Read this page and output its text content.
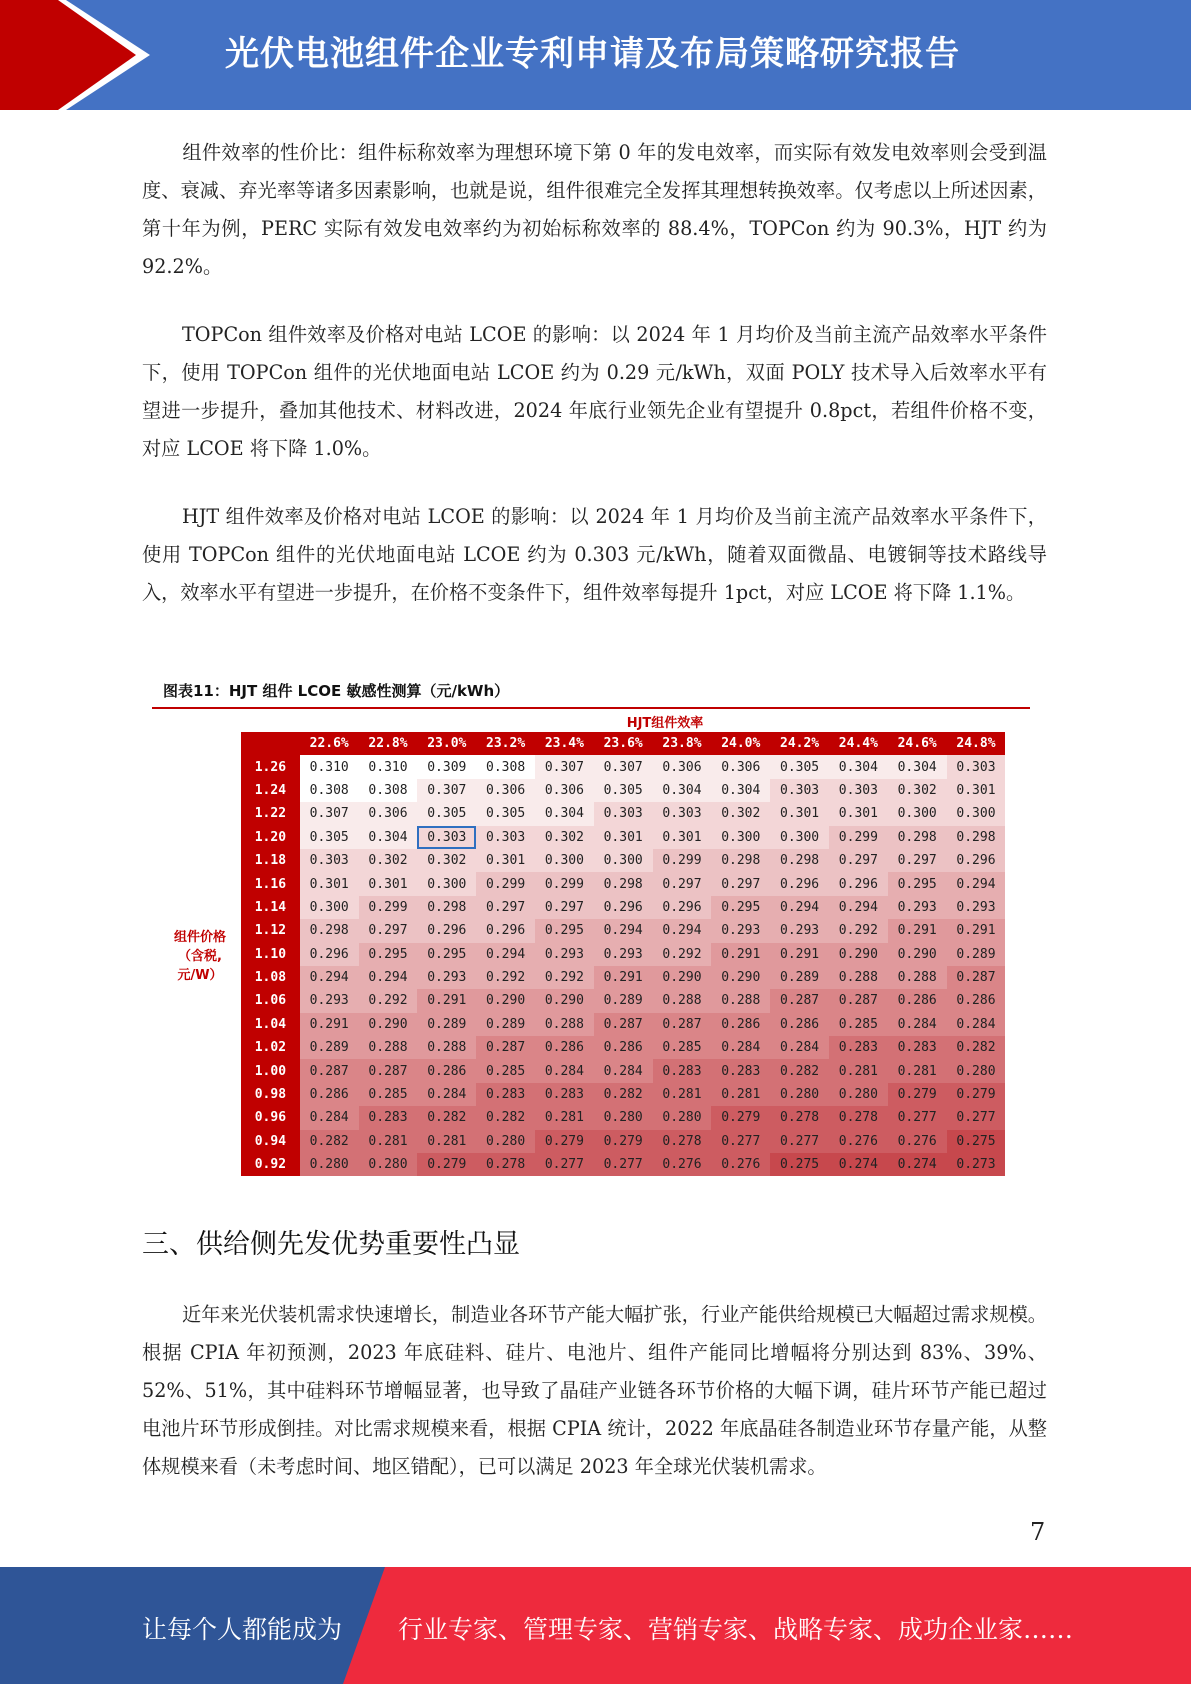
光伏电池组件企业专利申请及布局策略研究报告

组件效率的性价比：组件标称效率为理想环境下第 0 年的发电效率，而实际有效发电效率则会受到温度、衰减、弃光率等诸多因素影响，也就是说，组件很难完全发挥其理想转换效率。仅考虑以上所述因素，第十年为例，PERC 实际有效发电效率约为初始标称效率的 88.4%，TOPCon 约为 90.3%，HJT 约为 92.2%。

TOPCon 组件效率及价格对电站 LCOE 的影响：以 2024 年 1 月均价及当前主流产品效率水平条件下，使用 TOPCon 组件的光伏地面电站 LCOE 约为 0.29 元/kWh，双面 POLY 技术导入后效率水平有望进一步提升，叠加其他技术、材料改进，2024 年底行业领先企业有望提升 0.8pct，若组件价格不变，对应 LCOE 将下降 1.0%。

HJT 组件效率及价格对电站 LCOE 的影响：以 2024 年 1 月均价及当前主流产品效率水平条件下，使用 TOPCon 组件的光伏地面电站 LCOE 约为 0.303 元/kWh，随着双面微晶、电镀铜等技术路线导入，效率水平有望进一步提升，在价格不变条件下，组件效率每提升 1pct，对应 LCOE 将下降 1.1%。

图表11：HJT 组件 LCOE 敏感性测算（元/kWh）
HJT组件效率
组件价格
（含税,
元/W）
	22.6%	22.8%	23.0%	23.2%	23.4%	23.6%	23.8%	24.0%	24.2%	24.4%	24.6%	24.8%
1.26	0.310	0.310	0.309	0.308	0.307	0.307	0.306	0.306	0.305	0.304	0.304	0.303
1.24	0.308	0.308	0.307	0.306	0.306	0.305	0.304	0.304	0.303	0.303	0.302	0.301
1.22	0.307	0.306	0.305	0.305	0.304	0.303	0.303	0.302	0.301	0.301	0.300	0.300
1.20	0.305	0.304	0.303	0.303	0.302	0.301	0.301	0.300	0.300	0.299	0.298	0.298
1.18	0.303	0.302	0.302	0.301	0.300	0.300	0.299	0.298	0.298	0.297	0.297	0.296
1.16	0.301	0.301	0.300	0.299	0.299	0.298	0.297	0.297	0.296	0.296	0.295	0.294
1.14	0.300	0.299	0.298	0.297	0.297	0.296	0.296	0.295	0.294	0.294	0.293	0.293
1.12	0.298	0.297	0.296	0.296	0.295	0.294	0.294	0.293	0.293	0.292	0.291	0.291
1.10	0.296	0.295	0.295	0.294	0.293	0.293	0.292	0.291	0.291	0.290	0.290	0.289
1.08	0.294	0.294	0.293	0.292	0.292	0.291	0.290	0.290	0.289	0.288	0.288	0.287
1.06	0.293	0.292	0.291	0.290	0.290	0.289	0.288	0.288	0.287	0.287	0.286	0.286
1.04	0.291	0.290	0.289	0.289	0.288	0.287	0.287	0.286	0.286	0.285	0.284	0.284
1.02	0.289	0.288	0.288	0.287	0.286	0.286	0.285	0.284	0.284	0.283	0.283	0.282
1.00	0.287	0.287	0.286	0.285	0.284	0.284	0.283	0.283	0.282	0.281	0.281	0.280
0.98	0.286	0.285	0.284	0.283	0.283	0.282	0.281	0.281	0.280	0.280	0.279	0.279
0.96	0.284	0.283	0.282	0.282	0.281	0.280	0.280	0.279	0.278	0.278	0.277	0.277
0.94	0.282	0.281	0.281	0.280	0.279	0.279	0.278	0.277	0.277	0.276	0.276	0.275
0.92	0.280	0.280	0.279	0.278	0.277	0.277	0.276	0.276	0.275	0.274	0.274	0.273
三、供给侧先发优势重要性凸显

近年来光伏装机需求快速增长，制造业各环节产能大幅扩张，行业产能供给规模已大幅超过需求规模。根据 CPIA 年初预测，2023 年底硅料、硅片、电池片、组件产能同比增幅将分别达到 83%、39%、52%、51%，其中硅料环节增幅显著，也导致了晶硅产业链各环节价格的大幅下调，硅片环节产能已超过电池片环节形成倒挂。对比需求规模来看，根据 CPIA 统计，2022 年底晶硅各制造业环节存量产能，从整体规模来看（未考虑时间、地区错配），已可以满足 2023 年全球光伏装机需求。

7
让每个人都能成为 行业专家、管理专家、营销专家、战略专家、成功企业家……
